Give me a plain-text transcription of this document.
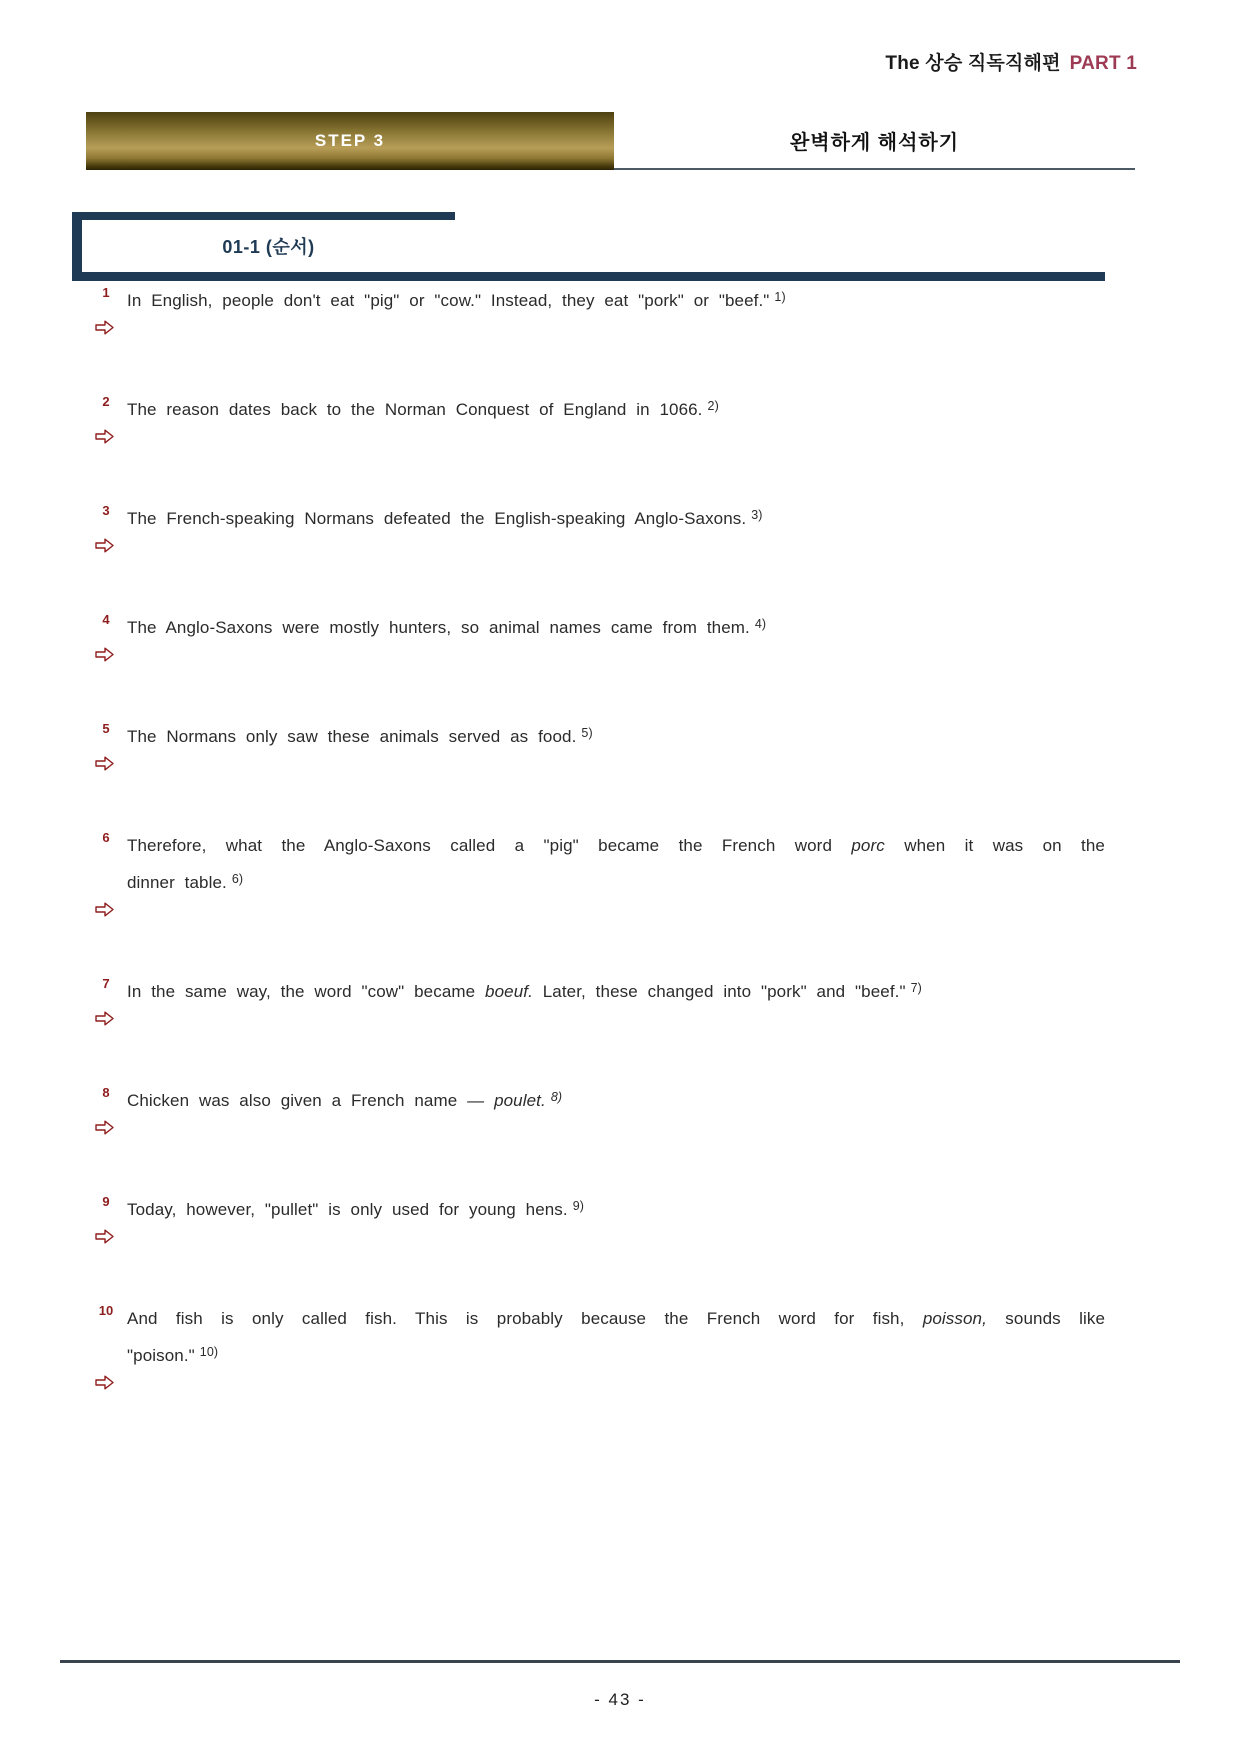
The 상승 직독직해편 PART 1
STEP 3	완벽하게 해석하기
01-1 (순서)
1	In English, people don't eat "pig" or "cow." Instead, they eat "pork" or "beef." $^{1)}$

2	The reason dates back to the Norman Conquest of England in 1066. $^{2)}$

3	The French-speaking Normans defeated the English-speaking Anglo-Saxons. $^{3)}$

4	The Anglo-Saxons were mostly hunters, so animal names came from them. $^{4)}$

5	The Normans only saw these animals served as food. $^{5)}$

6	Therefore, what the Anglo-Saxons called a "pig" became the French word porc when it was on the

dinner table. $^{6)}$

7	In the same way, the word "cow" became boeuf. Later, these changed into "pork" and "beef." $^{7)}$

8	Chicken was also given a French name — poulet. $^{8)}$

9	Today, however, "pullet" is only used for young hens. $^{9)}$

10 And fish is only called fish. This is probably because the French word for fish, poisson, sounds like

"poison." $^{10)}$

- 43 -
